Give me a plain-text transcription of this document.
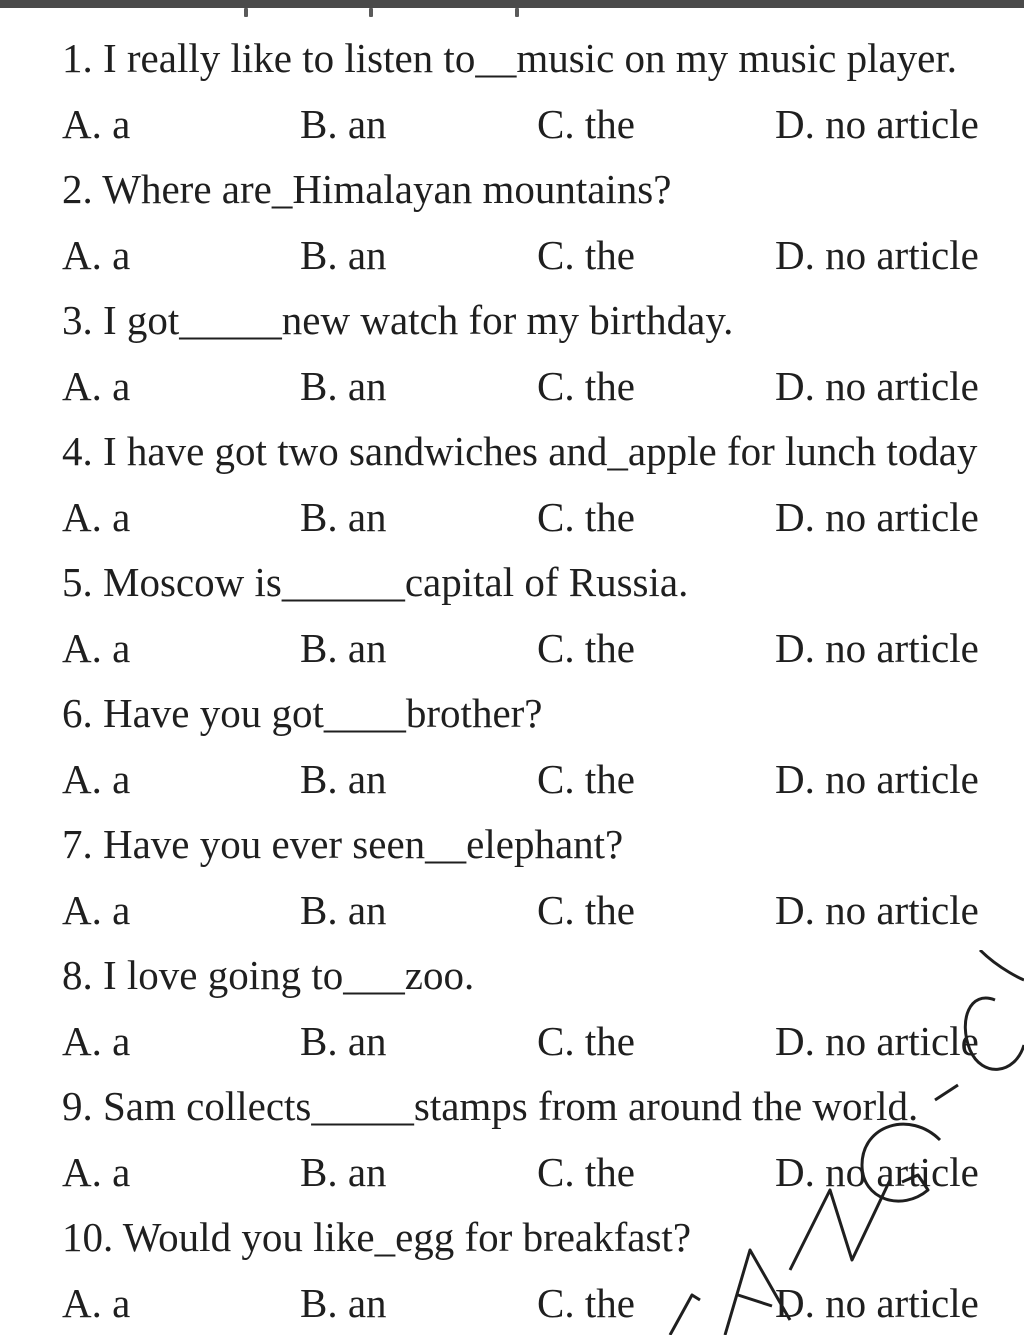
1. I really like to listen to__music on my music player.
A. a	B. an	C. the	D. no article
2. Where are_Himalayan mountains?
A. a	B. an	C. the	D. no article
3. I got_____new watch for my birthday.
A. a	B. an	C. the	D. no article
4. I have got two sandwiches and_apple for lunch today
A. a	B. an	C. the	D. no article
5. Moscow is______capital of Russia.
A. a	B. an	C. the	D. no article
6. Have you got____brother?
A. a	B. an	C. the	D. no article
7. Have you ever seen__elephant?
A. a	B. an	C. the	D. no article
8. I love going to___zoo.
A. a	B. an	C. the	D. no article
9. Sam collects_____stamps from around the world.
A. a	B. an	C. the	D. no article
10. Would you like_egg for breakfast?
A. a	B. an	C. the	D. no article
